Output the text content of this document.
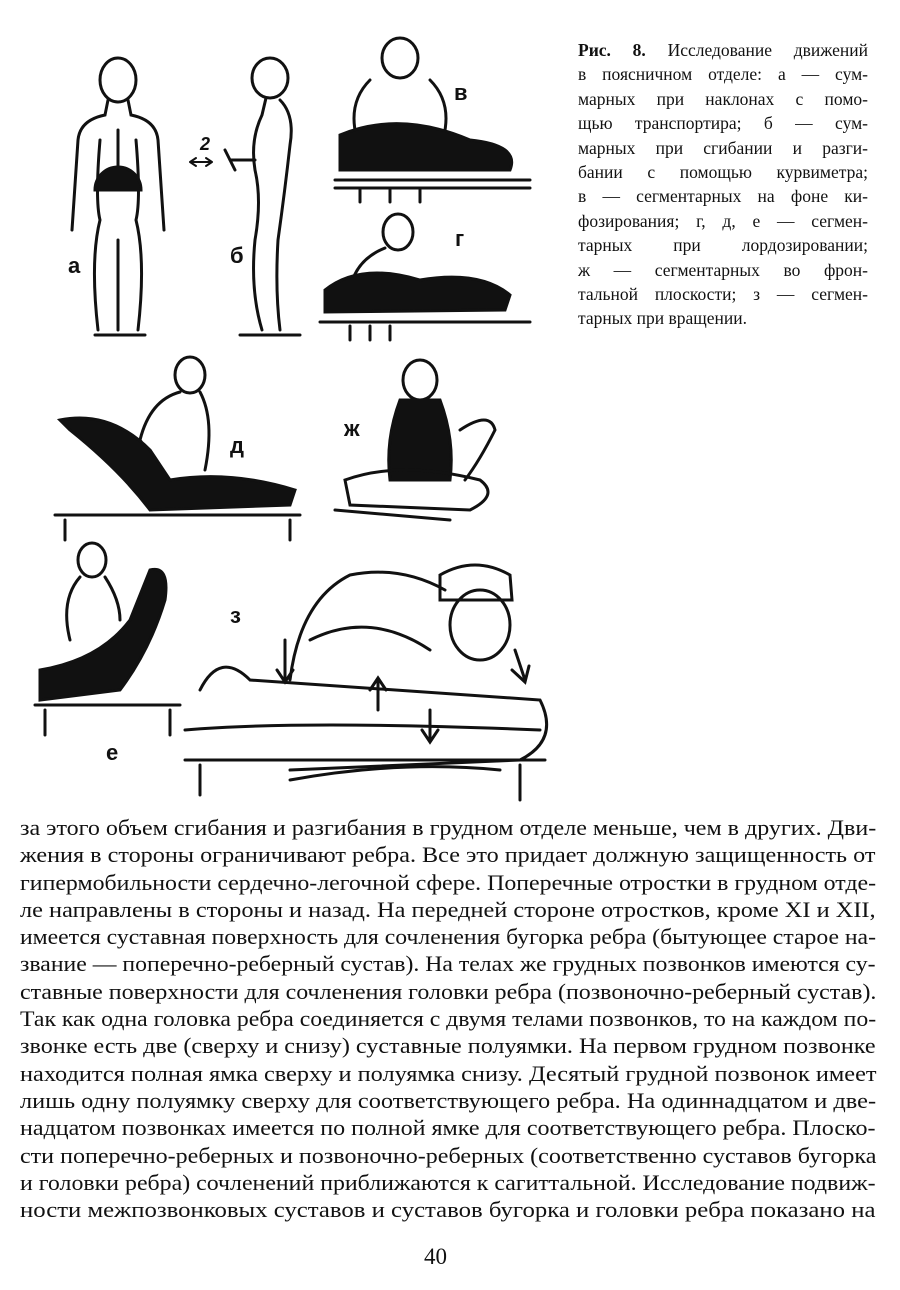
а	б
2
в
г
д
ж
е
з
Рис. 8. Исследование движений
в поясничном отделе: а — сум-
марных при наклонах с помо-
щью транспортира; б — сум-
марных при сгибании и разги-
бании с помощью курвиметра;
в — сегментарных на фоне ки-
фозирования; г, д, е — сегмен-
тарных при лордозировании;
ж — сегментарных во фрон-
тальной плоскости; з — сегмен-
тарных при вращении.
за этого объем сгибания и разгибания в грудном отделе меньше, чем в других. Дви-
жения в стороны ограничивают ребра. Все это придает должную защищенность от
гипермобильности сердечно-легочной сфере. Поперечные отростки в грудном отде-
ле направлены в стороны и назад. На передней стороне отростков, кроме XI и XII,
имеется суставная поверхность для сочленения бугорка ребра (бытующее старое на-
звание — поперечно-реберный сустав). На телах же грудных позвонков имеются су-
ставные поверхности для сочленения головки ребра (позвоночно-реберный сустав).
Так как одна головка ребра соединяется с двумя телами позвонков, то на каждом по-
звонке есть две (сверху и снизу) суставные полуямки. На первом грудном позвонке
находится полная ямка сверху и полуямка снизу. Десятый грудной позвонок имеет
лишь одну полуямку сверху для соответствующего ребра. На одиннадцатом и две-
надцатом позвонках имеется по полной ямке для соответствующего ребра. Плоско-
сти поперечно-реберных и позвоночно-реберных (соответственно суставов бугорка
и головки ребра) сочленений приближаются к сагиттальной. Исследование подвиж-
ности межпозвонковых суставов и суставов бугорка и головки ребра показано на
40
